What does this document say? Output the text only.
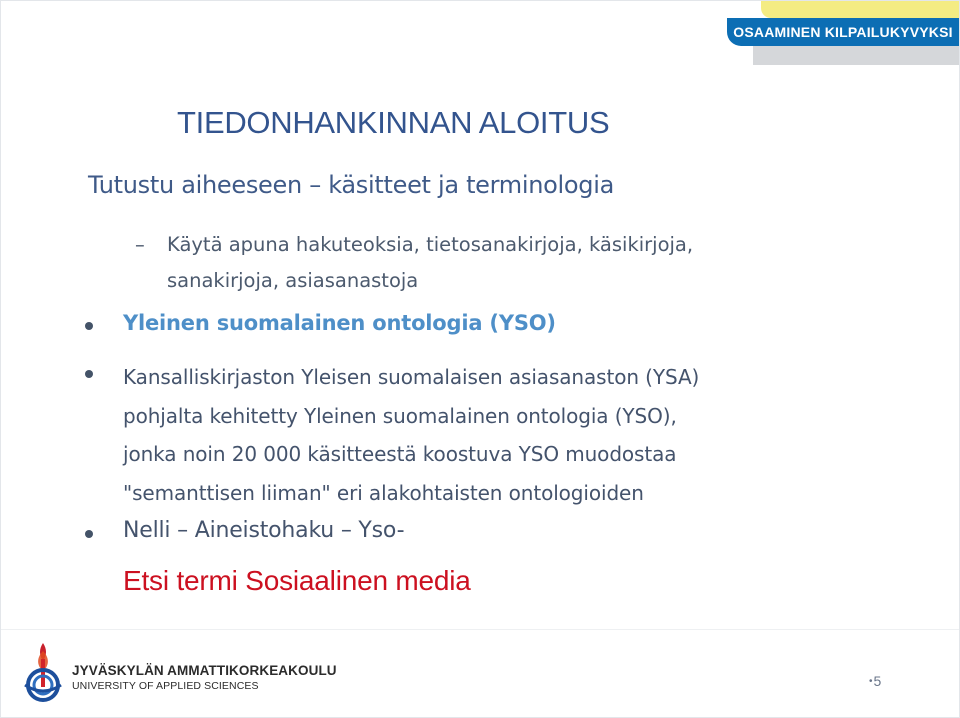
OSAAMINEN KILPAILUKYVYKSI
TIEDONHANKINNAN ALOITUS
Tutustu aiheeseen – käsitteet ja terminologia
– Käytä apuna hakuteoksia, tietosanakirjoja, käsikirjoja,
sanakirjoja, asiasanastoja
Yleinen suomalainen ontologia (YSO)
Kansalliskirjaston Yleisen suomalaisen asiasanaston (YSA)
pohjalta kehitetty Yleinen suomalainen ontologia (YSO),
jonka noin 20 000 käsitteestä koostuva YSO muodostaa
"semanttisen liiman" eri alakohtaisten ontologioiden
Nelli – Aineistohaku – Yso-
Etsi termi Sosiaalinen media
JYVÄSKYLÄN AMMATTIKORKEAKOULU
UNIVERSITY OF APPLIED SCIENCES	•5
